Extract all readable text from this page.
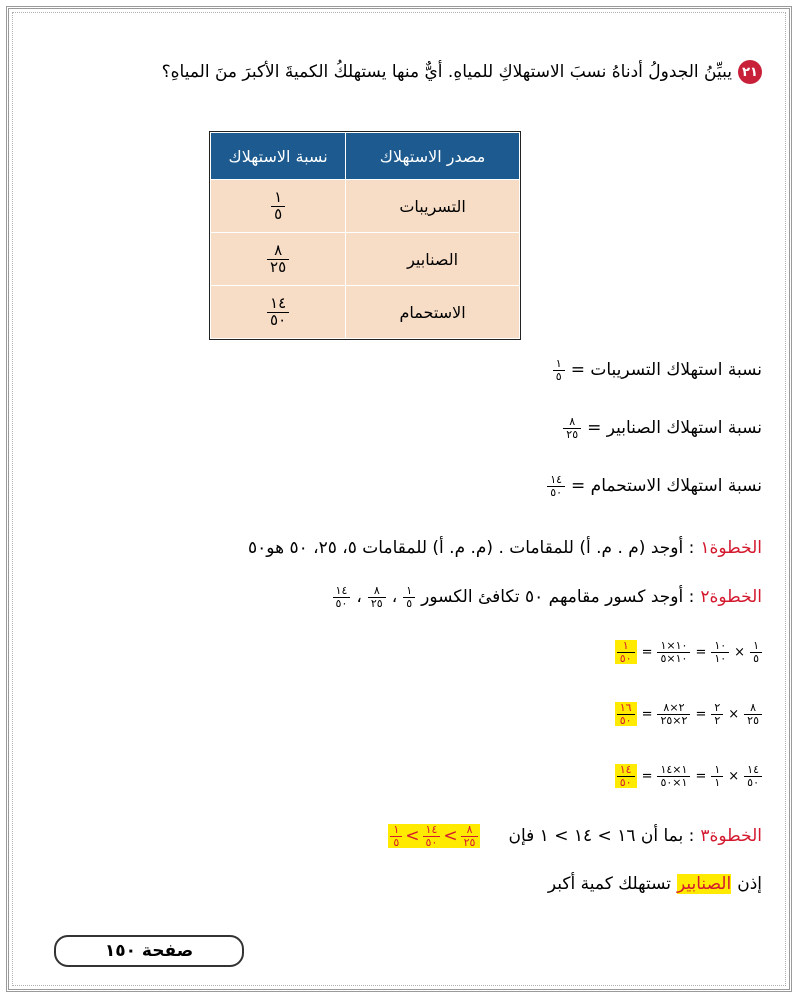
٢١
يبيِّنُ الجدولُ أدناهُ نسبَ الاستهلاكِ للمياهِ. أيٌّ منها يستهلكُ الكميةَ الأكبرَ منَ المياهِ؟
مصدر الاستهلاك	نسبة الاستهلاك
التسريبات	$\frac{١}{٥}$

الصنابير	$\frac{٨}{٢٥}$

الاستحمام	$\frac{١٤}{٥٠}$
نسبة استهلاك التسريبات =
$\frac{١}{٥}$
نسبة استهلاك الصنابير =
$\frac{٨}{٢٥}$
نسبة استهلاك الاستحمام =
$\frac{١٤}{٥٠}$
الخطوة١
: أوجد (م . م. أ) للمقامات . (م. م. أ) للمقامات ٥، ٢٥، ٥٠ هو٥٠
الخطوة٢
: أوجد كسور مقامهم ٥٠ تكافئ الكسور
$\frac{١}{٥}$
،
$\frac{٨}{٢٥}$
،
$\frac{١٤}{٥٠}$
$\frac{١}{٥}$
×
$\frac{١٠}{١٠}$
=
$\frac{١٠\times ١}{١٠\times ٥}$
=
$\frac{١}{٥٠}$
$\frac{٨}{٢٥}$
×
$\frac{٢}{٢}$
=
$\frac{٢\times ٨}{٢\times ٢٥}$
=
$\frac{١٦}{٥٠}$
$\frac{١٤}{٥٠}$
×
$\frac{١}{١}$
=
$\frac{١\times ١٤}{١\times ٥٠}$
=
$\frac{١٤}{٥٠}$
الخطوة٣
: بما أن ١٦ > ١٤ > ١ فإن
$\frac{١}{٥} < \frac{١٤}{٥٠} < \frac{٨}{٢٥}$
إذن
الصنابير
تستهلك كمية أكبر
صفحة ١٥٠
